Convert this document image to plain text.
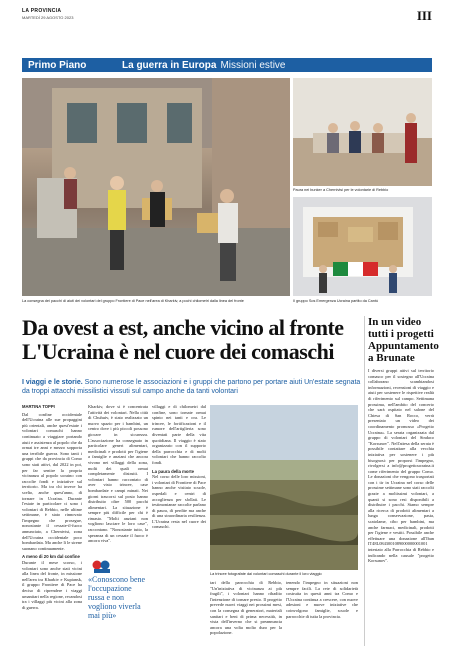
LA PROVINCIA
MARTEDÌ 29 AGOSTO 2023	III
Primo Piano	La guerra in Europa Missioni estive
La consegna dei pacchi di aiuti dei volontari del gruppo Frontiere di Pace nell'area di Kharkiv, a pochi chilometri dalla linea del fronte
Paura nei bunker a Chernivtsi per le volontarie di Rebbio
Il gruppo Sos Emergenza Ucraina partito da Cantù
Da ovest a est, anche vicino al fronte
L'Ucraina è nel cuore dei comaschi
In un video tutti i progetti Appuntamento a Brunate
I diversi gruppi attivi sul territorio comasco per il sostegno all'Ucraina collaborano scambiandosi informazioni, recensioni di viaggio e aiuti per sostenere le rispettive realtà di riferimento sul campo. Settimana prossima, nell'ambito del concerto che sarà ospitato nel salone del Chiesa di San Rocco, verrà presentato un video dei coordinamento promosso «Progetto Ucraina». La serata organizzata dal gruppo di volontari del Sindaco "Korsunov". Nell'attesa della serata è possibile contattare alla vecchia iniziativa per sostenere i più bisognosi: per proporsi l'impegno, rivolgersi a info@progettoucraina.it come riferimento del gruppo Como. Le donazioni che vengono trasportati con i tir in Ucraina nel corso delle prossime settimane sono stati raccolti grazie a moltissimi volontari, a quanti si sono resi disponibili a distribuire i pacchi. Siamo sempre alla ricerca di prodotti alimentari a lunga conservazione, pasta, scatolame, cibo per bambini, ma anche farmaci, medicinali, prodotti per l'igiene e vestiti. Possibile anche effettuare una donazione all'Iban IT48L0843001089000000001001 intestato alla Parrocchia di Rebbio e indicando nella causale "progetto Korsunov".
I viaggi e le storie. Sono numerose le associazioni e i gruppi che partono per portare aiuti Un'estate segnata da troppi attacchi missilistici vissuti sul campo anche da tanti volontari
MARTINA TOPPI
Dal confine occidentale dell'Ucraina alle sue propaggini più orientali, anche quest'estate i volontari comaschi hanno continuato a viaggiare portando aiuti e assistenza al popolo che da ormai tre anni e mezzo sopporta una terribile guerra. Sono tanti i gruppi che da provincia di Como sono stati attivi, dal 2022 in poi, per far sentire la propria vicinanza al popolo ucraino con raccolte fondi e iniziative sul territorio. Ma tra chi invece ha scelto, anche quest'anno, di tornare in Ucraina. Durante l'estate in particolare ci sono i volontari di Rebbio, nelle ultime settimane, è stato rinnovato l'impegno che prosegue, nonostante il cessate-il-fuoco annunciato, a Chernivtsi, zona dell'Ucraina occidentale poco bombardata. Ma anche lì le sirene suonano continuamente.
A meno di 20 km dal confine
Durante il mese scorso, i volontari sono anche stati vicini alla linea del fronte, in missione nell'area tra Kharkiv e Kupiansk, il gruppo Frontiere di Pace ha deciso di riprendere i viaggi umanitari nella regione, recandosi tra i villaggi più vicini alla zona di guerra.
Kharkiv, dove si è concentrata l'attività dei volontari. Nella città di Chuhuiv, è stato realizzato un nuovo spazio per i bambini, un centro dove i più piccoli possono giocare in sicurezza. L'associazione ha consegnato in particolare generi alimentari, medicinali e prodotti per l'igiene a famiglie e anziani che ancora vivono nei villaggi della zona, molti dei quali ormai completamente distrutti. I volontari hanno raccontato di aver visto trincee, case bombardate e campi minati. Nei giorni trascorsi sul posto hanno distribuito oltre 500 pacchi alimentari. La situazione è sempre più difficile per chi è rimasto. "Molti anziani non vogliono lasciare le loro case", raccontano. "Nonostante tutto, la speranza di un cessate il fuoco è ancora viva".
«Conoscono bene l'occupazione russa e non vogliono viverla mai più»
villaggi e di chilometri dal confine, sono tornate ormai spinto nei tanti e ora. Le trincee, le fortificazioni e il rumore dell'artiglieria sono diventati parte della vita quotidiana. Il viaggio è stato organizzato con il supporto della parrocchia e di molti volontari che hanno raccolto fondi.
La paura della morte
Nel corso delle loro missioni, i volontari di Frontiere di Pace hanno anche visitato scuole, ospedali e centri di accoglienza per sfollati. Le testimonianze raccolte parlano di paura, di perdite ma anche di una straordinaria resilienza. L'Ucraina resta nel cuore dei comaschi.
La trincee fotografate dai volontari comaschi durante il loro viaggio
tari della parrocchia di Rebbio, "Un'iniziativa di vicinanza ai più fragili", i volontari hanno ribadito l'intenzione di tornare presto. Il progetto prevede nuovi viaggi nei prossimi mesi, con la consegna di generatori, materiali sanitari e beni di prima necessità, in vista dell'inverno che si preannuncia ancora una volta molto duro per la popolazione.
tenendo l'impegno in situazioni non sempre facili. La rete di solidarietà costruita in questi anni tra Como e l'Ucraina continua a crescere, con nuove adesioni e nuove iniziative che coinvolgono famiglie, scuole e parrocchie di tutta la provincia.
